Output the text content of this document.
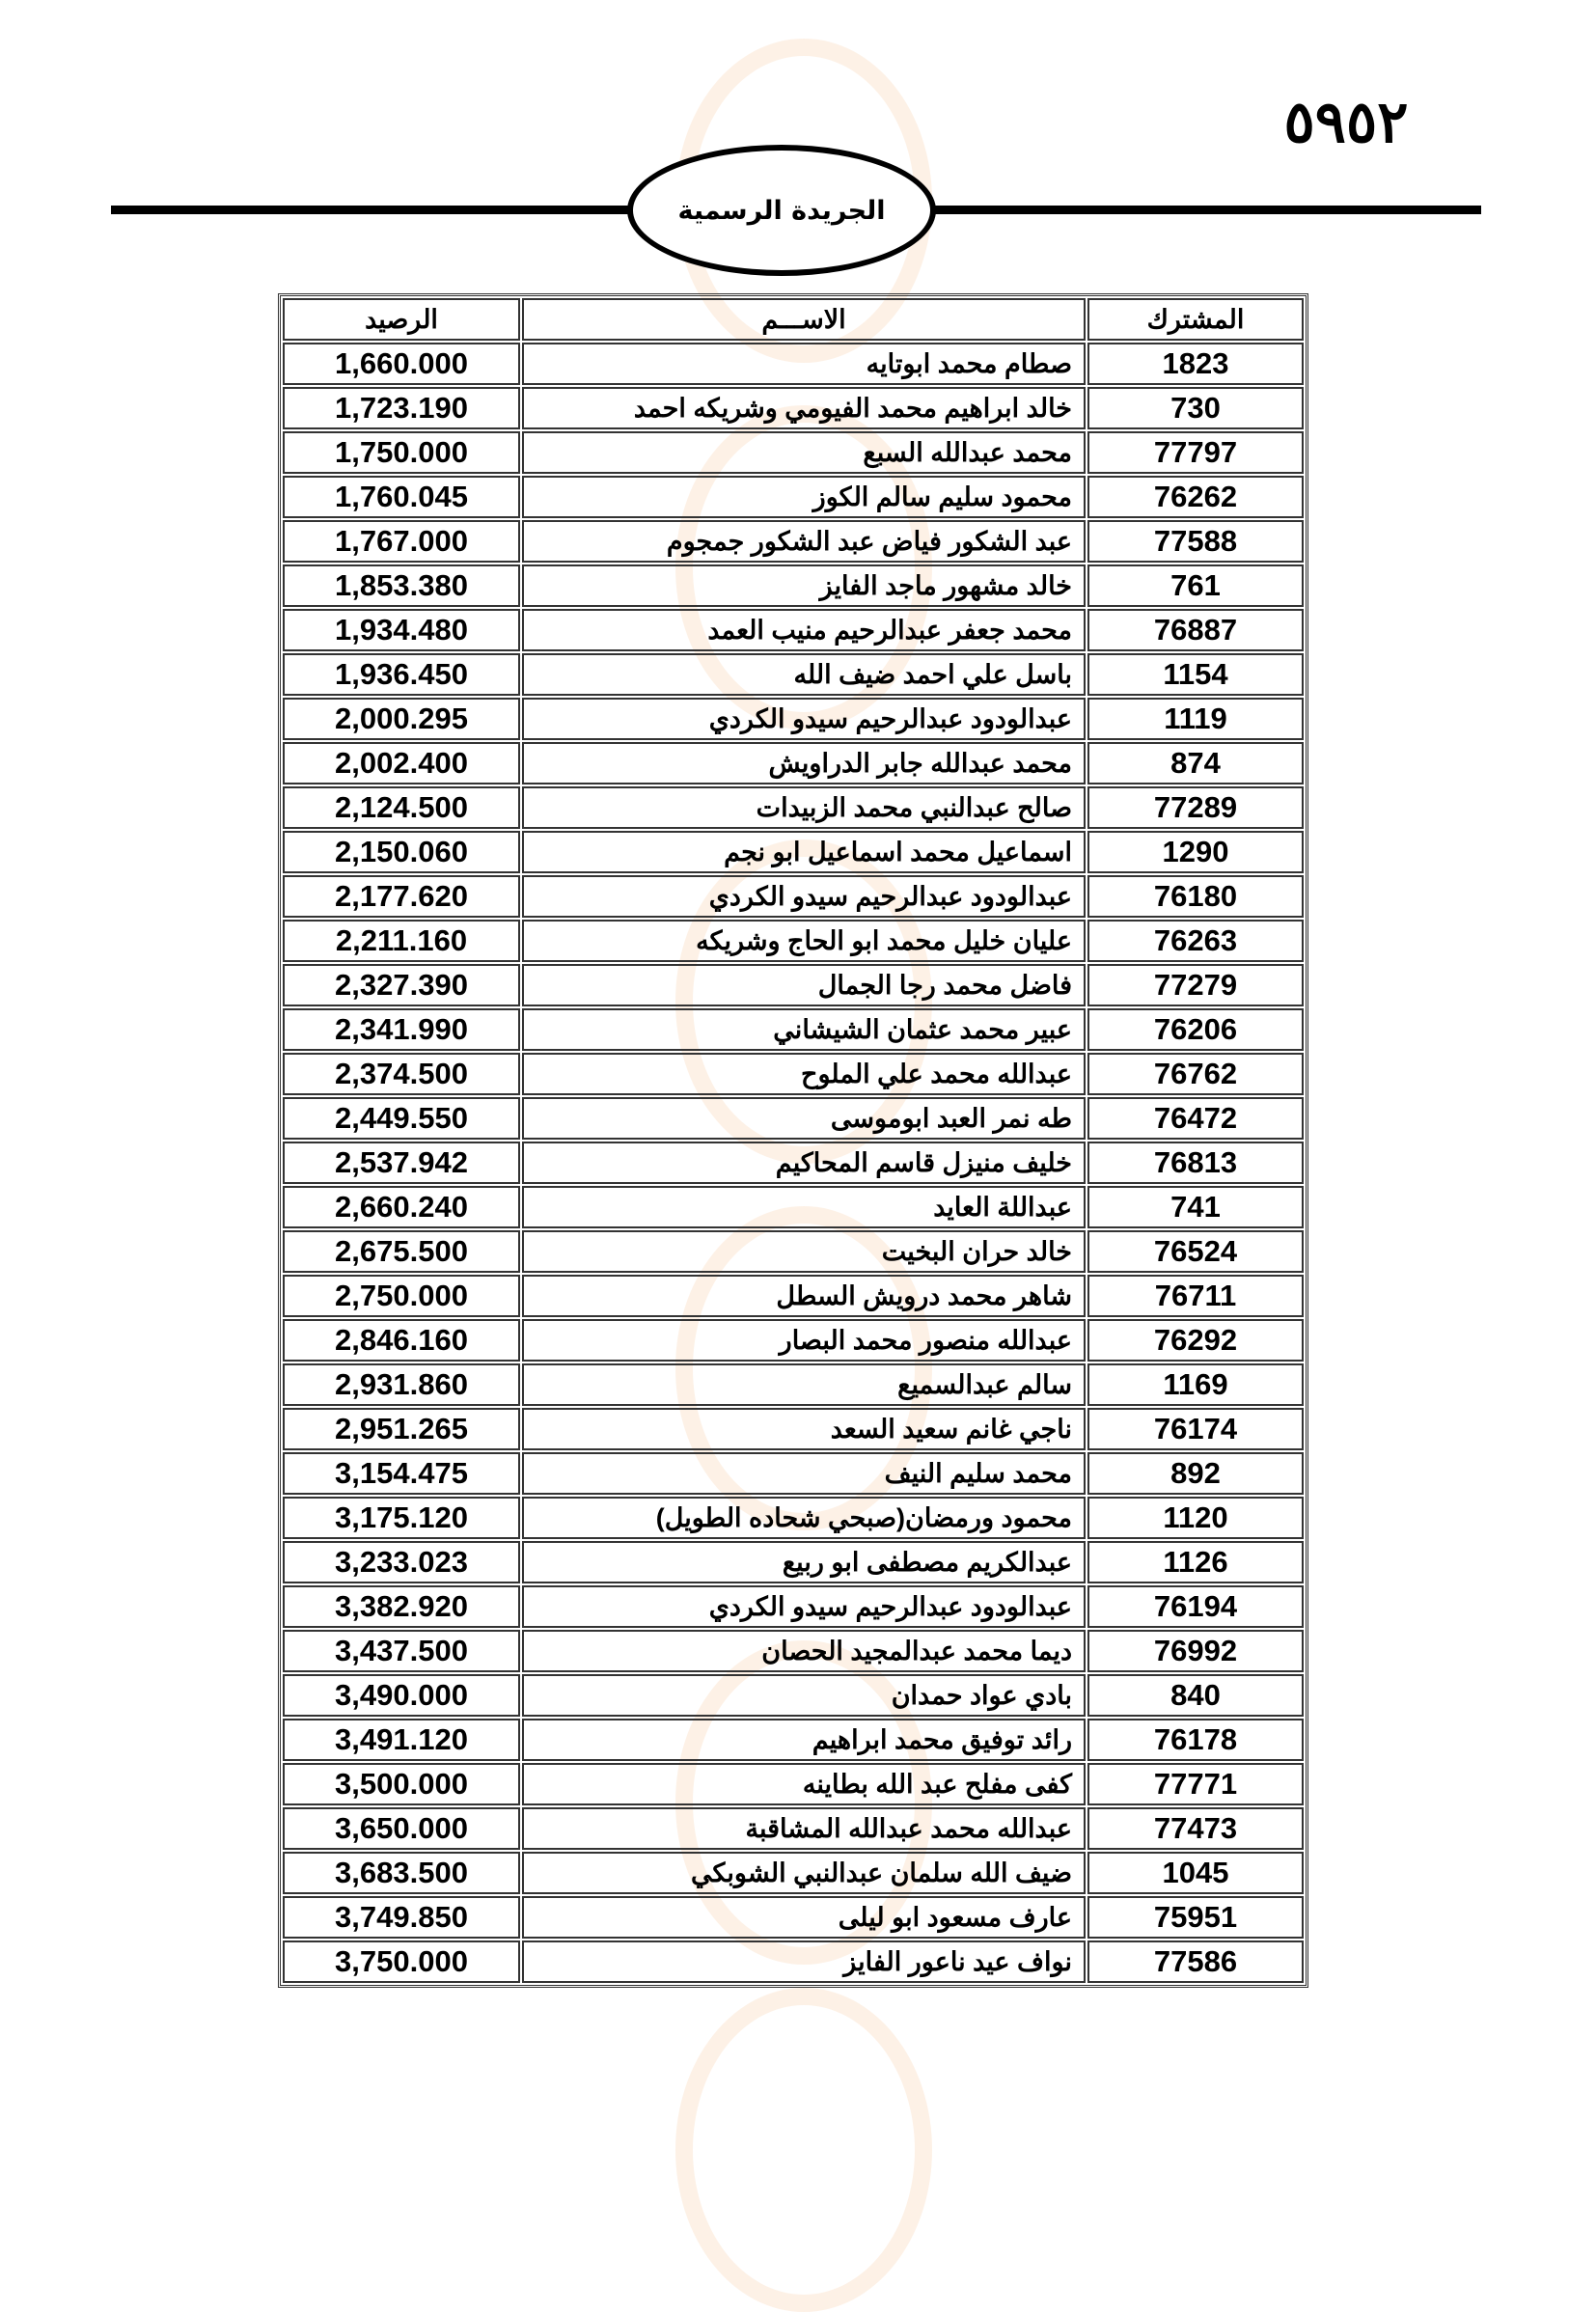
٥٩٥٢
الجريدة الرسمية
المشترك	الاســـم	الرصيد
1823	صطام محمد ابوتايه	1,660.000
730	خالد ابراهيم محمد الفيومي وشريكه احمد	1,723.190
77797	محمد عبدالله السبع	1,750.000
76262	محمود سليم سالم الكوز	1,760.045
77588	عبد الشكور فياض عبد الشكور جمجوم	1,767.000
761	خالد مشهور ماجد الفايز	1,853.380
76887	محمد جعفر عبدالرحيم منيب العمد	1,934.480
1154	باسل علي احمد ضيف الله	1,936.450
1119	عبدالودود عبدالرحيم سيدو الكردي	2,000.295
874	محمد عبدالله جابر الدراويش	2,002.400
77289	صالح عبدالنبي محمد الزبيدات	2,124.500
1290	اسماعيل محمد اسماعيل ابو نجم	2,150.060
76180	عبدالودود عبدالرحيم سيدو الكردي	2,177.620
76263	عليان خليل محمد ابو الحاج وشريكه	2,211.160
77279	فاضل محمد رجا الجمال	2,327.390
76206	عبير محمد عثمان الشيشاني	2,341.990
76762	عبدالله محمد علي الملوح	2,374.500
76472	طه نمر العبد ابوموسى	2,449.550
76813	خليف منيزل قاسم المحاكيم	2,537.942
741	عبداللة العايد	2,660.240
76524	خالد حران البخيت	2,675.500
76711	شاهر محمد درويش السطل	2,750.000
76292	عبدالله منصور محمد البصار	2,846.160
1169	سالم عبدالسميع	2,931.860
76174	ناجي غانم سعيد السعد	2,951.265
892	محمد سليم النيف	3,154.475
1120	محمود ورمضان(صبحي شحاده الطويل)	3,175.120
1126	عبدالكريم مصطفى ابو ربيع	3,233.023
76194	عبدالودود عبدالرحيم سيدو الكردي	3,382.920
76992	ديما محمد عبدالمجيد الحصان	3,437.500
840	بادي عواد حمدان	3,490.000
76178	رائد توفيق محمد ابراهيم	3,491.120
77771	كفى مفلح عبد الله بطاينه	3,500.000
77473	عبدالله محمد عبدالله المشاقبة	3,650.000
1045	ضيف الله سلمان عبدالنبي الشوبكي	3,683.500
75951	عارف مسعود ابو ليلى	3,749.850
77586	نواف عيد ناعور الفايز	3,750.000
